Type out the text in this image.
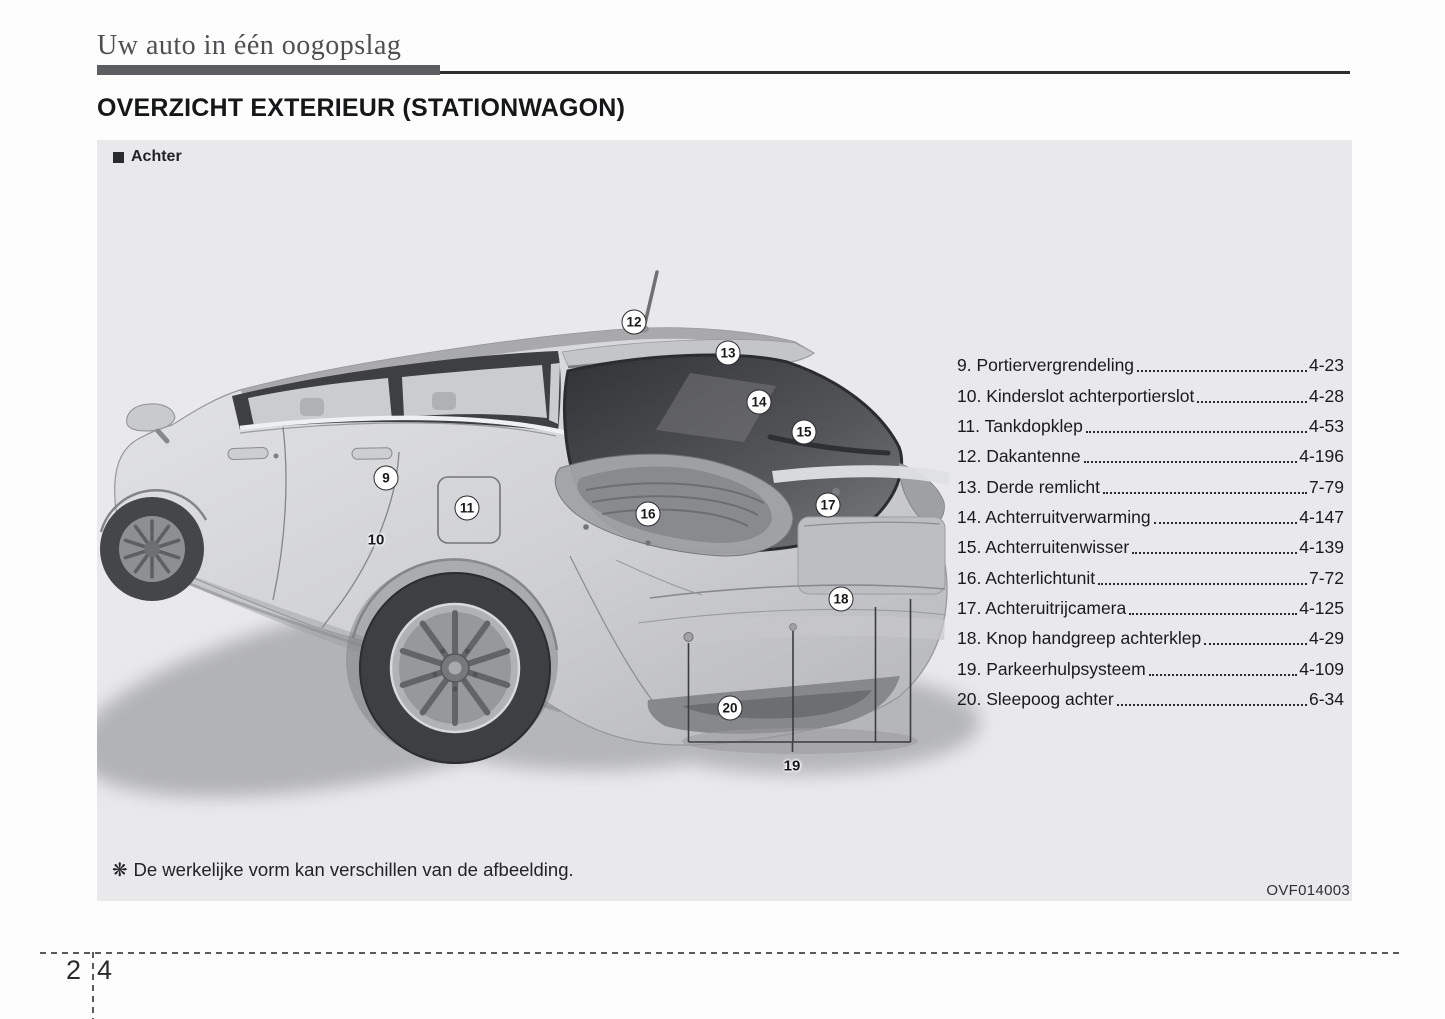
Uw auto in één oogopslag
OVERZICHT EXTERIEUR (STATIONWAGON)
12
13
14
15
9
11	16
17
10
18
20
19
Achter
9. Portiervergrendeling	4-23
10. Kinderslot achterportierslot	4-28
11. Tankdopklep	4-53
12. Dakantenne	4-196
13. Derde remlicht	7-79
14. Achterruitverwarming	4-147
15. Achterruitenwisser	4-139
16. Achterlichtunit	7-72
17. Achteruitrijcamera	4-125
18. Knop handgreep achterklep	4-29
19. Parkeerhulpsysteem	4-109
20. Sleepoog achter	6-34
❋ De werkelijke vorm kan verschillen van de afbeelding.
OVF014003
2 4
